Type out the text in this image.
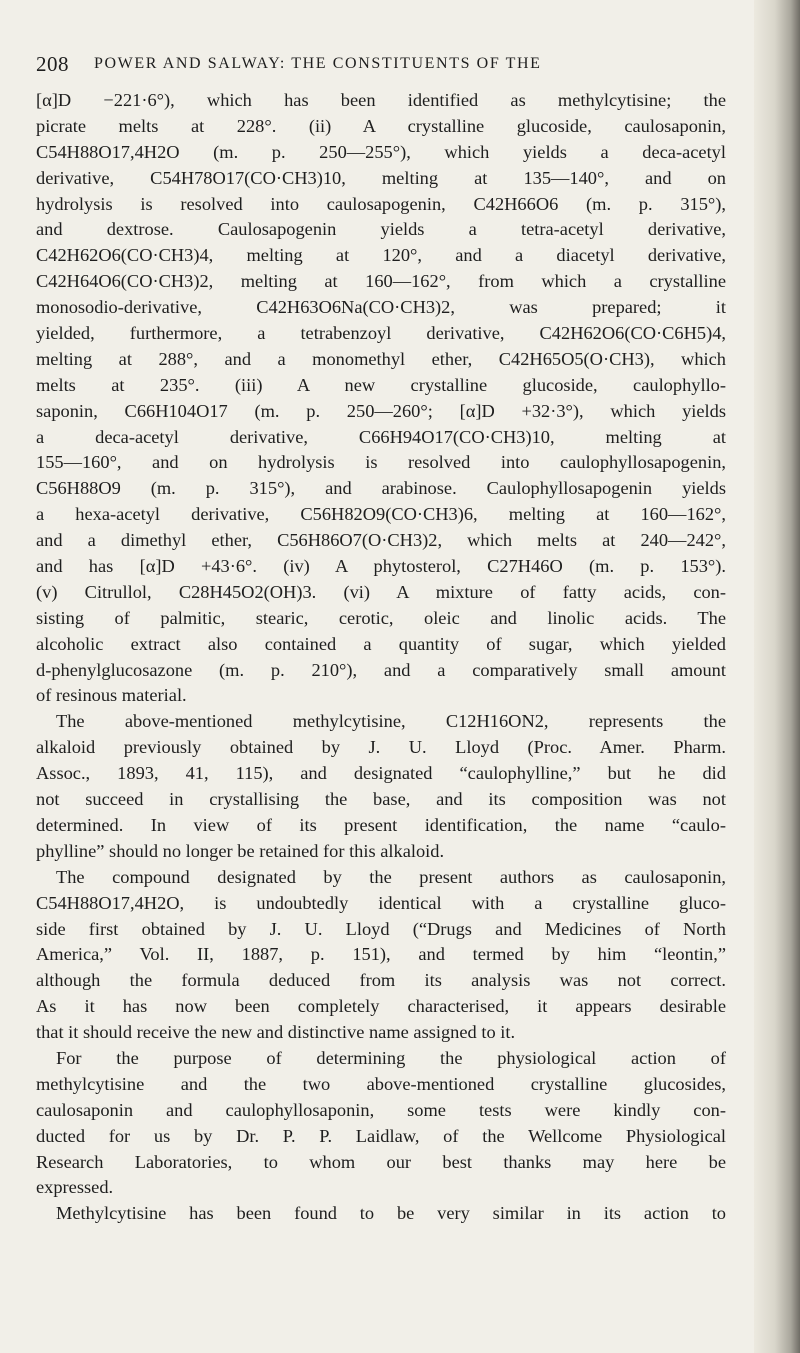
208 POWER AND SALWAY: THE CONSTITUENTS OF THE
[α]D −221·6°), which has been identified as methylcytisine; the
picrate melts at 228°. (ii) A crystalline glucoside, caulosaponin,
C54H88O17,4H2O (m. p. 250—255°), which yields a deca-acetyl
derivative, C54H78O17(CO·CH3)10, melting at 135—140°, and on
hydrolysis is resolved into caulosapogenin, C42H66O6 (m. p. 315°),
and dextrose. Caulosapogenin yields a tetra-acetyl derivative,
C42H62O6(CO·CH3)4, melting at 120°, and a diacetyl derivative,
C42H64O6(CO·CH3)2, melting at 160—162°, from which a crystalline
monosodio-derivative, C42H63O6Na(CO·CH3)2, was prepared; it
yielded, furthermore, a tetrabenzoyl derivative, C42H62O6(CO·C6H5)4,
melting at 288°, and a monomethyl ether, C42H65O5(O·CH3), which
melts at 235°. (iii) A new crystalline glucoside, caulophyllo-
saponin, C66H104O17 (m. p. 250—260°; [α]D +32·3°), which yields
a deca-acetyl derivative, C66H94O17(CO·CH3)10, melting at
155—160°, and on hydrolysis is resolved into caulophyllosapogenin,
C56H88O9 (m. p. 315°), and arabinose. Caulophyllosapogenin yields
a hexa-acetyl derivative, C56H82O9(CO·CH3)6, melting at 160—162°,
and a dimethyl ether, C56H86O7(O·CH3)2, which melts at 240—242°,
and has [α]D +43·6°. (iv) A phytosterol, C27H46O (m. p. 153°).
(v) Citrullol, C28H45O2(OH)3. (vi) A mixture of fatty acids, con-
sisting of palmitic, stearic, cerotic, oleic and linolic acids. The
alcoholic extract also contained a quantity of sugar, which yielded
d-phenylglucosazone (m. p. 210°), and a comparatively small amount
of resinous material.
The above-mentioned methylcytisine, C12H16ON2, represents the
alkaloid previously obtained by J. U. Lloyd (Proc. Amer. Pharm.
Assoc., 1893, 41, 115), and designated “caulophylline,” but he did
not succeed in crystallising the base, and its composition was not
determined. In view of its present identification, the name “caulo-
phylline” should no longer be retained for this alkaloid.
The compound designated by the present authors as caulosaponin,
C54H88O17,4H2O, is undoubtedly identical with a crystalline gluco-
side first obtained by J. U. Lloyd (“Drugs and Medicines of North
America,” Vol. II, 1887, p. 151), and termed by him “leontin,”
although the formula deduced from its analysis was not correct.
As it has now been completely characterised, it appears desirable
that it should receive the new and distinctive name assigned to it.
For the purpose of determining the physiological action of
methylcytisine and the two above-mentioned crystalline glucosides,
caulosaponin and caulophyllosaponin, some tests were kindly con-
ducted for us by Dr. P. P. Laidlaw, of the Wellcome Physiological
Research Laboratories, to whom our best thanks may here be
expressed.
Methylcytisine has been found to be very similar in its action to
